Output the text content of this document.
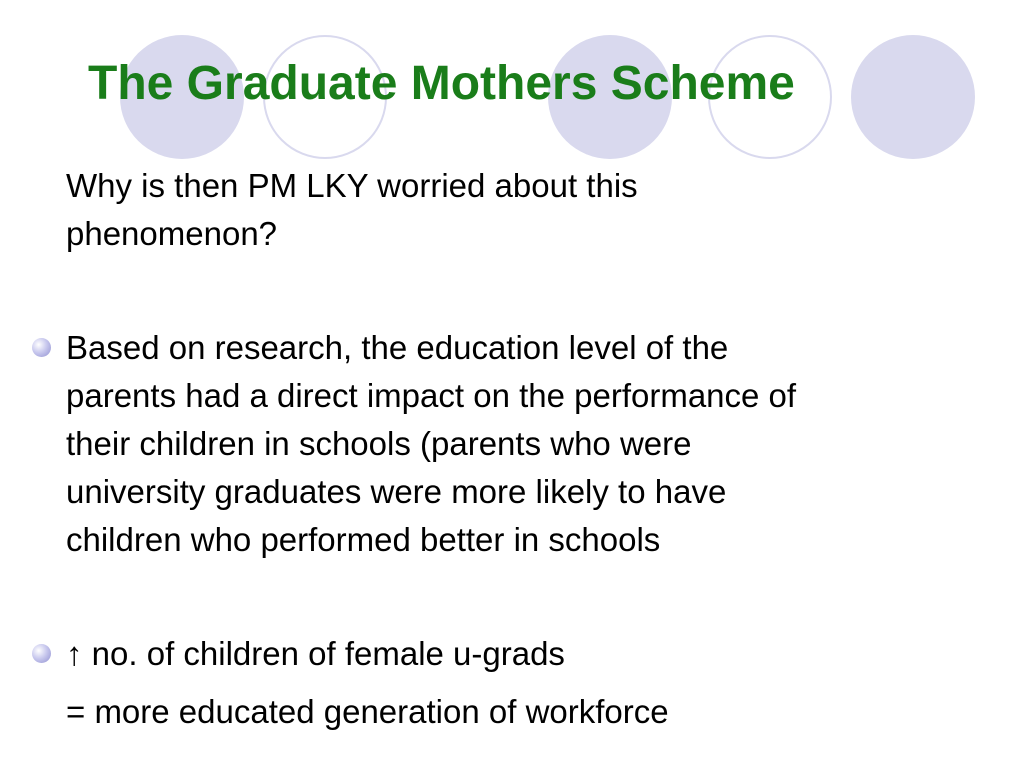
The Graduate Mothers Scheme
Why is then PM LKY worried about this
phenomenon?
Based on research, the education level of the
parents had a direct impact on the performance of
their children in schools (parents who were
university graduates were more likely to have
children who performed better in schools
↑ no. of children of female u-grads
= more educated generation of workforce
